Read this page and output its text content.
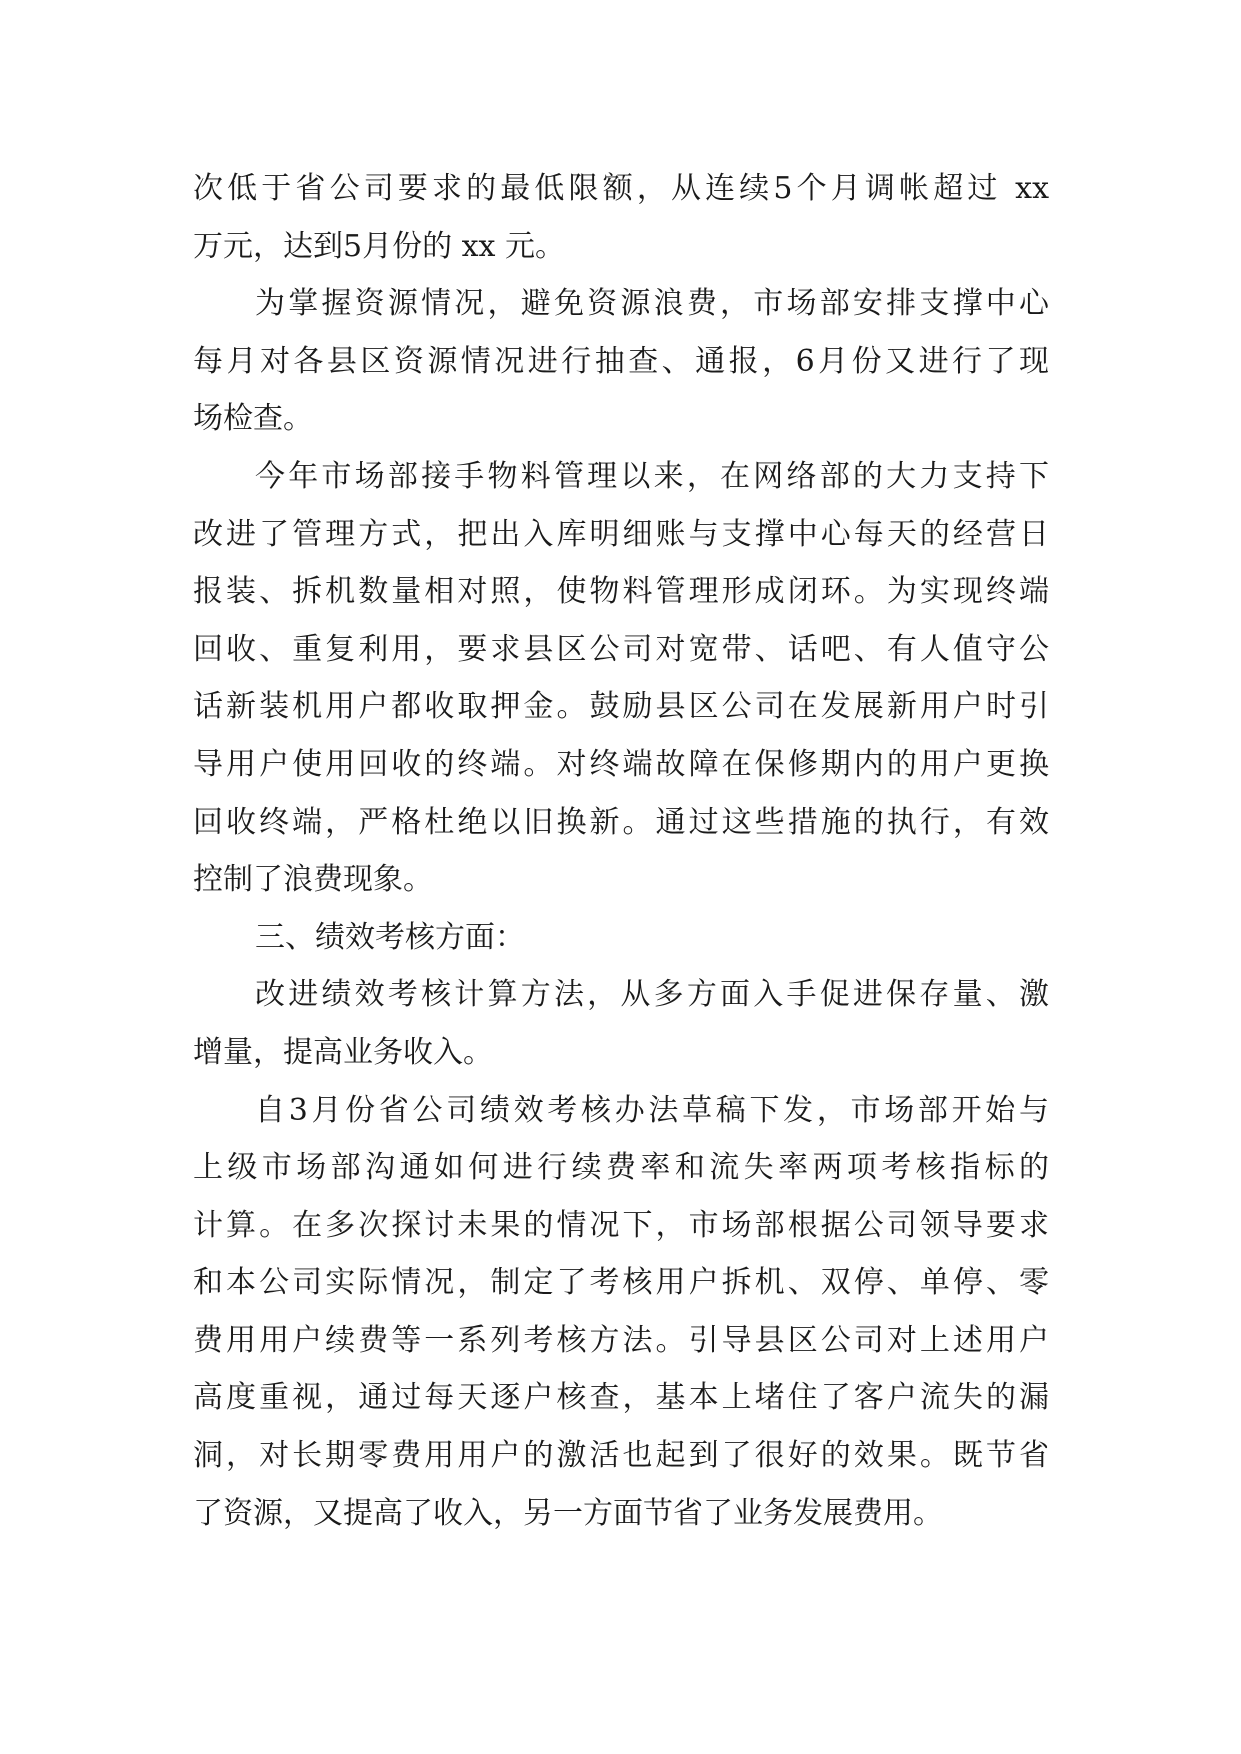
次低于省公司要求的最低限额，从连续5个月调帐超过 xx
万元，达到5月份的 xx 元。
为掌握资源情况，避免资源浪费，市场部安排支撑中心
每月对各县区资源情况进行抽查、通报，6月份又进行了现
场检查。
今年市场部接手物料管理以来，在网络部的大力支持下
改进了管理方式，把出入库明细账与支撑中心每天的经营日
报装、拆机数量相对照，使物料管理形成闭环。为实现终端
回收、重复利用，要求县区公司对宽带、话吧、有人值守公
话新装机用户都收取押金。鼓励县区公司在发展新用户时引
导用户使用回收的终端。对终端故障在保修期内的用户更换
回收终端，严格杜绝以旧换新。通过这些措施的执行，有效
控制了浪费现象。
三、绩效考核方面：
改进绩效考核计算方法，从多方面入手促进保存量、激
增量，提高业务收入。
自3月份省公司绩效考核办法草稿下发，市场部开始与
上级市场部沟通如何进行续费率和流失率两项考核指标的
计算。在多次探讨未果的情况下，市场部根据公司领导要求
和本公司实际情况，制定了考核用户拆机、双停、单停、零
费用用户续费等一系列考核方法。引导县区公司对上述用户
高度重视，通过每天逐户核查，基本上堵住了客户流失的漏
洞，对长期零费用用户的激活也起到了很好的效果。既节省
了资源，又提高了收入，另一方面节省了业务发展费用。
